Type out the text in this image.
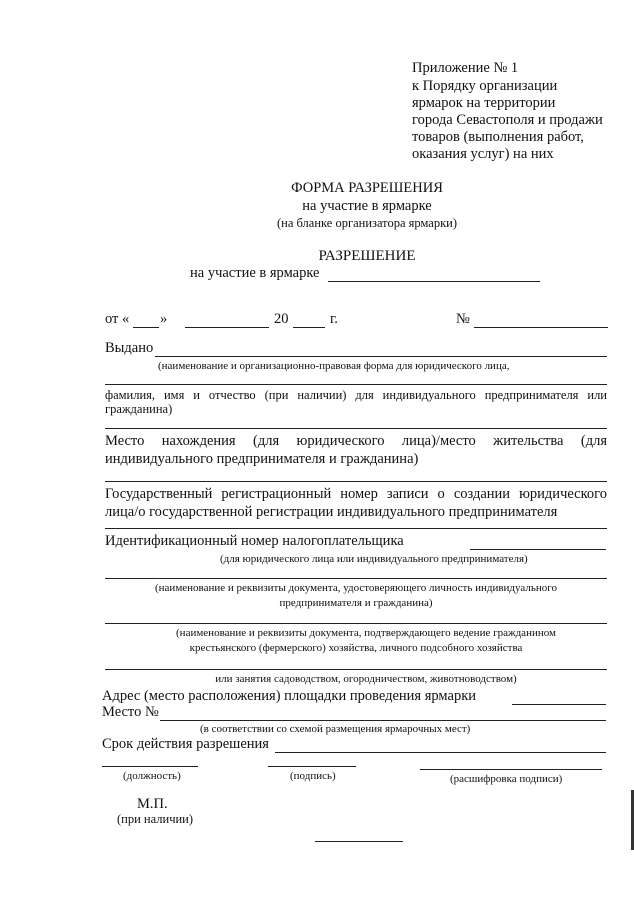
Приложение № 1
к Порядку организации
ярмарок на территории
города Севастополя и продажи
товаров (выполнения работ,
оказания услуг) на них
ФОРМА РАЗРЕШЕНИЯ
на участие в ярмарке
(на бланке организатора ярмарки)
РАЗРЕШЕНИЕ
на участие в ярмарке
от « »	20	г.	№
Выдано
(наименование и организационно-правовая форма для юридического лица,
фамилия, имя и отчество (при наличии) для индивидуального предпринимателя или
гражданина)
Место нахождения (для юридического лица)/место жительства (для
индивидуального предпринимателя и гражданина)
Государственный регистрационный номер записи о создании юридического
лица/о государственной регистрации индивидуального предпринимателя
Идентификационный номер налогоплательщика
(для юридического лица или индивидуального предпринимателя)
(наименование и реквизиты документа, удостоверяющего личность индивидуального
предпринимателя и гражданина)
(наименование и реквизиты документа, подтверждающего ведение гражданином
крестьянского (фермерского) хозяйства, личного подсобного хозяйства
или занятия садоводством, огородничеством, животноводством)
Адрес (место расположения) площадки проведения ярмарки
Место №
(в соответствии со схемой размещения ярмарочных мест)
Срок действия разрешения
(должность)	(подпись)	(расшифровка подписи)
М.П.
(при наличии)
